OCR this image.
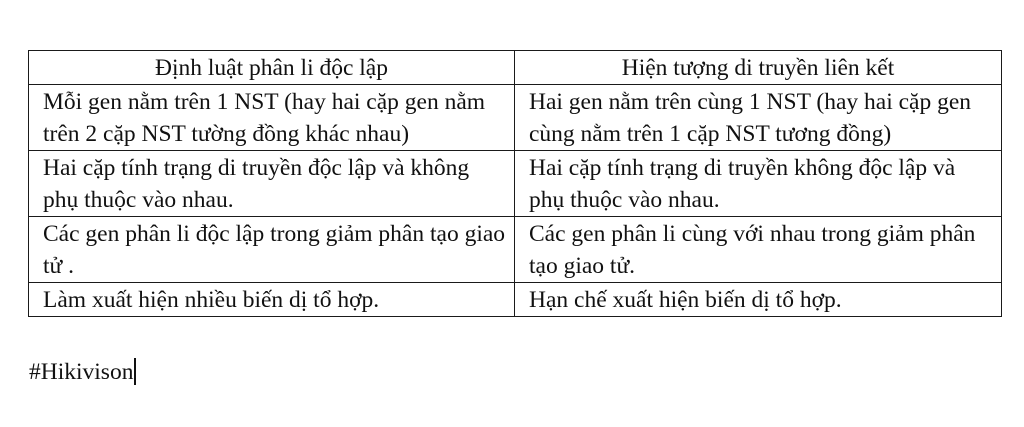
Định luật phân li độc lập	Hiện tượng di truyền liên kết
Mỗi gen nằm trên 1 NST (hay hai cặp gen nằm trên 2 cặp NST tường đồng khác nhau)	Hai gen nằm trên cùng 1 NST (hay hai cặp gen cùng nằm trên 1 cặp NST tương đồng)
Hai cặp tính trạng di truyền độc lập và không phụ thuộc vào nhau.	Hai cặp tính trạng di truyền không độc lập và phụ thuộc vào nhau.
Các gen phân li độc lập trong giảm phân tạo giao tử .	Các gen phân li cùng với nhau trong giảm phân tạo giao tử.
Làm xuất hiện nhiều biến dị tổ hợp.	Hạn chế xuất hiện biến dị tổ hợp.
#Hikivison
